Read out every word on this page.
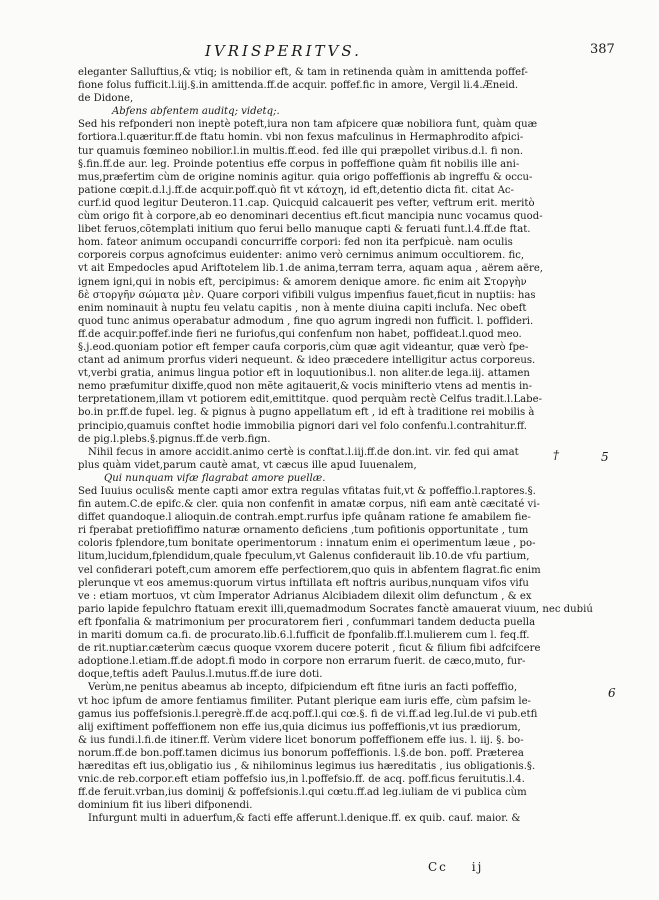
IVRISPERITVS.	387
eleganter Salluftius,& vtiq; is nobilior eft, & tam in retinenda quàm in amittenda poffef-
fione folus fufficit.l.iij.§.in amittenda.ff.de acquir. poffef.fic in amore, Vergil li.4.Æneid.
de Didone,
Abfens abfentem auditq; videtq;.
Sed his refponderi non ineptè poteft,iura non tam afpicere quæ nobiliora funt, quàm quæ
fortiora.l.quæritur.ff.de ftatu homin. vbi non fexus mafculinus in Hermaphrodito afpici-
tur quamuis fœmineo nobilior.l.in multis.ff.eod. fed ille qui præpollet viribus.d.l. fi non.
§.fin.ff.de aur. leg. Proinde potentius effe corpus in poffeffione quàm fit nobilis ille ani-
mus,præfertim cùm de origine nominis agitur. quia origo poffeffionis ab ingreffu & occu-
patione cœpit.d.l.j.ff.de acquir.poff.quò fit vt κάτοχη, id eft,detentio dicta fit. citat Ac-
curf.id quod legitur Deuteron.11.cap. Quicquid calcauerit pes vefter, veftrum erit. meritò
cùm origo fit à corpore,ab eo denominari decentius eft.ficut mancipia nunc vocamus quod-
libet feruos,cõtemplati initium quo ferui bello manuque capti & feruati funt.l.4.ff.de ftat.
hom. fateor animum occupandi concurriffe corpori: fed non ita perfpicuè. nam oculis
corporeis corpus agnofcimus euidenter: animo verò cernimus animum occultiorem. fic,
vt ait Empedocles apud Ariftotelem lib.1.de anima,terram terra, aquam aqua , aërem aëre,
ignem igni,qui in nobis eft, percipimus: & amorem denique amore. fic enim ait Στοργὴν
δὲ στοργῆν σώματα μὲν. Quare corpori vifibili vulgus impenfius fauet,ficut in nuptiis: has
enim nominauit à nuptu feu velatu capitis , non à mente diuina capiti inclufa. Nec obeft
quod tunc animus operabatur admodum , fine quo agrum ingredi non fufficit. l. poffideri.
ff.de acquir.poffef.inde fieri ne furiofus,qui confenfum non habet, poffideat.l.quod meo.
§.j.eod.quoniam potior eft femper caufa corporis,cùm quæ agit videantur, quæ verò fpe-
ctant ad animum prorfus videri nequeunt. & ideo præcedere intelligitur actus corporeus.
vt,verbi gratia, animus lingua potior eft in loquutionibus.l. non aliter.de lega.iij. attamen
nemo præfumitur dixiffe,quod non mẽte agitauerit,& vocis minifterio vtens ad mentis in-
terpretationem,illam vt potiorem edit,emittitque. quod perquàm rectè Celfus tradit.l.Labe-
bo.in pr.ff.de fupel. leg. & pignus à pugno appellatum eft , id eft à traditione rei mobilis à
principio,quamuis conftet hodie immobilia pignori dari vel folo confenfu.l.contrahitur.ff.
de pig.l.plebs.§.pignus.ff.de verb.fign.
Nihil fecus in amore accidit.animo certè is conftat.l.iij.ff.de don.int. vir. fed qui amat
plus quàm videt,parum cautè amat, vt cæcus ille apud Iuuenalem,
Qui nunquam vifæ flagrabat amore puellæ.
Sed Iuuius oculis& mente capti amor extra regulas vfitatas fuit,vt & poffeffio.l.raptores.§.
fin autem.C.de epifc.& cler. quia non confenfit in amatæ corpus, nifi eam antè cæcitaté vi-
diffet quandoque.l alioquin.de contrah.empt.rurfus ipfe quânam ratione fe amabilem fie-
ri fperabat pretiofiffimo naturæ ornamento deficiens ,tum pofitionis opportunitate , tum
coloris fplendore,tum bonitate operimentorum : innatum enim ei operimentum læue , po-
litum,lucidum,fplendidum,quale fpeculum,vt Galenus confiderauit lib.10.de vfu partium,
vel confiderari poteft,cum amorem effe perfectiorem,quo quis in abfentem flagrat.fic enim
plerunque vt eos amemus:quorum virtus inftillata eft noftris auribus,nunquam vifos vifu
ve : etiam mortuos, vt cùm Imperator Adrianus Alcibiadem dilexit olim defunctum , & ex
pario lapide fepulchro ftatuam erexit illi,quemadmodum Socrates fanctè amauerat viuum, nec dubiú
eft fponfalia & matrimonium per procuratorem fieri , confummari tandem deducta puella
in mariti domum ca.fi. de procurato.lib.6.l.fufficit de fponfalib.ff.l.mulierem cum l. feq.ff.
de rit.nuptiar.cæterùm cæcus quoque vxorem ducere poterit , ficut & filium fibi adfcifcere
adoptione.l.etiam.ff.de adopt.fi modo in corpore non errarum fuerit. de cæco,muto, fur-
doque,teftis adeft Paulus.l.mutus.ff.de iure doti.
Verùm,ne penitus abeamus ab incepto, difpiciendum eft fitne iuris an facti poffeffio,
vt hoc ipfum de amore fentiamus fimiliter. Putant plerique eam iuris effe, cùm pafsim le-
gamus ius poffefsionis.l.peregrè.ff.de acq.poff.l.qui cœ.§. fi de vi.ff.ad leg.Iul.de vi pub.etfi
alij exiftiment poffeffionem non effe ius,quia dicimus ius poffeffionis,vt ius prædiorum,
& ius fundi.l.fi.de itiner.ff. Verùm videre licet bonorum poffeffionem effe ius. l. iij. §. bo-
norum.ff.de bon.poff.tamen dicimus ius bonorum poffeffionis. l.§.de bon. poff. Præterea
hæreditas eft ius,obligatio ius , & nihilominus legimus ius hæreditatis , ius obligationis.§.
vnic.de reb.corpor.eft etiam poffefsio ius,in l.poffefsio.ff. de acq. poff.ficus feruitutis.l.4.
ff.de feruit.vrban,ius dominij & poffefsionis.l.qui cœtu.ff.ad leg.iuliam de vi publica cùm
dominium fit ius liberi difponendi.
Infurgunt multi in aduerfum,& facti effe afferunt.l.denique.ff. ex quib. cauf. maior. &
†	5
6
Cc ij
